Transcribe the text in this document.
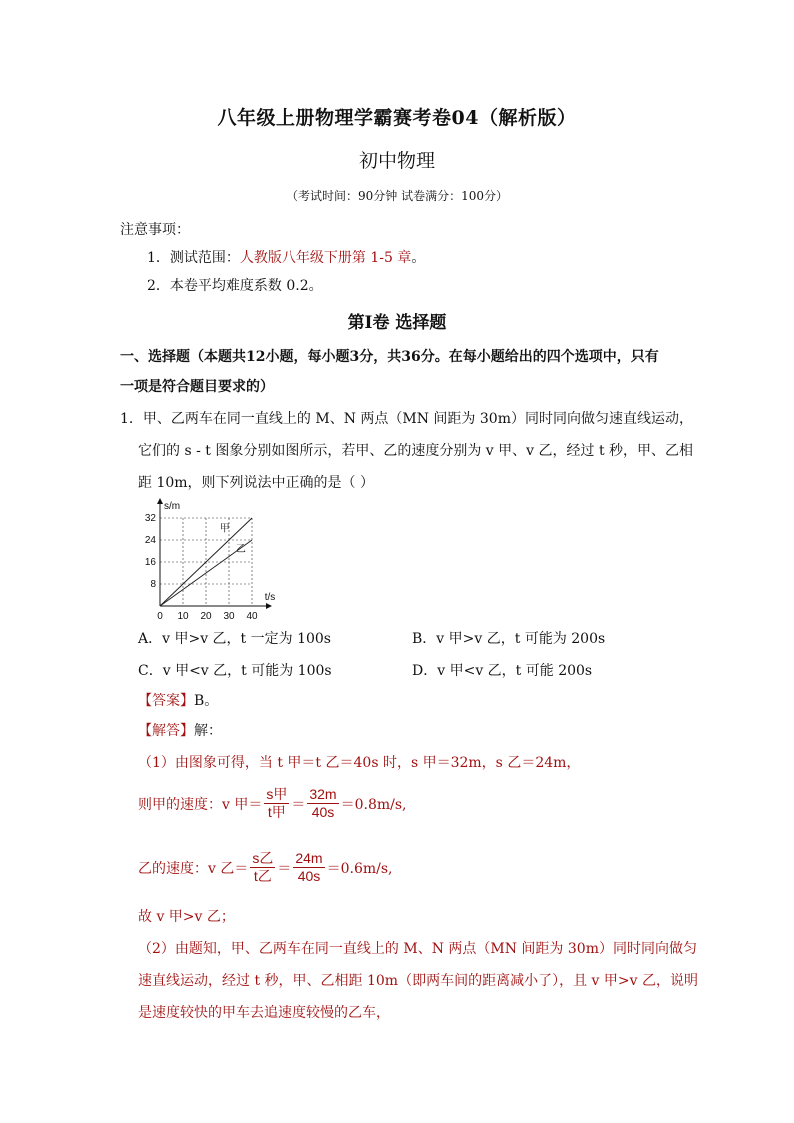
八年级上册物理学霸赛考卷04（解析版）
初中物理
（考试时间：90分钟 试卷满分：100分）
注意事项：
1．测试范围：人教版八年级下册第 1-5 章。
2．本卷平均难度系数 0.2。
第Ⅰ卷 选择题
一、选择题（本题共12小题，每小题3分，共36分。在每小题给出的四个选项中，只有
一项是符合题目要求的）
1．甲、乙两车在同一直线上的 M、N 两点（MN 间距为 30m）同时同向做匀速直线运动，
它们的 s - t 图象分别如图所示，若甲、乙的速度分别为 v 甲、v 乙，经过 t 秒，甲、乙相
距 10m，则下列说法中正确的是（ ）
0 10 20 30 40
8
16
24
32
t/s
s/m
甲
乙
A．v 甲>v 乙，t 一定为 100s	B．v 甲>v 乙，t 可能为 200s
C．v 甲<v 乙，t 可能为 100s	D．v 甲<v 乙，t 可能 200s
【答案】B。
【解答】解：
（1）由图象可得，当 t 甲＝t 乙＝40s 时，s 甲＝32m，s 乙＝24m，
则甲的速度：v 甲＝ $\frac{\text{s甲}}{\text{t甲}} = \frac{32m}{40s} =0.8m/s$,
乙的速度：v 乙＝ $\frac{\text{s乙}}{\text{t乙}} = \frac{24m}{40s} =0.6m/s$,
故 v 甲>v 乙；
（2）由题知，甲、乙两车在同一直线上的 M、N 两点（MN 间距为 30m）同时同向做匀
速直线运动，经过 t 秒，甲、乙相距 10m（即两车间的距离减小了），且 v 甲>v 乙，说明
是速度较快的甲车去追速度较慢的乙车，
